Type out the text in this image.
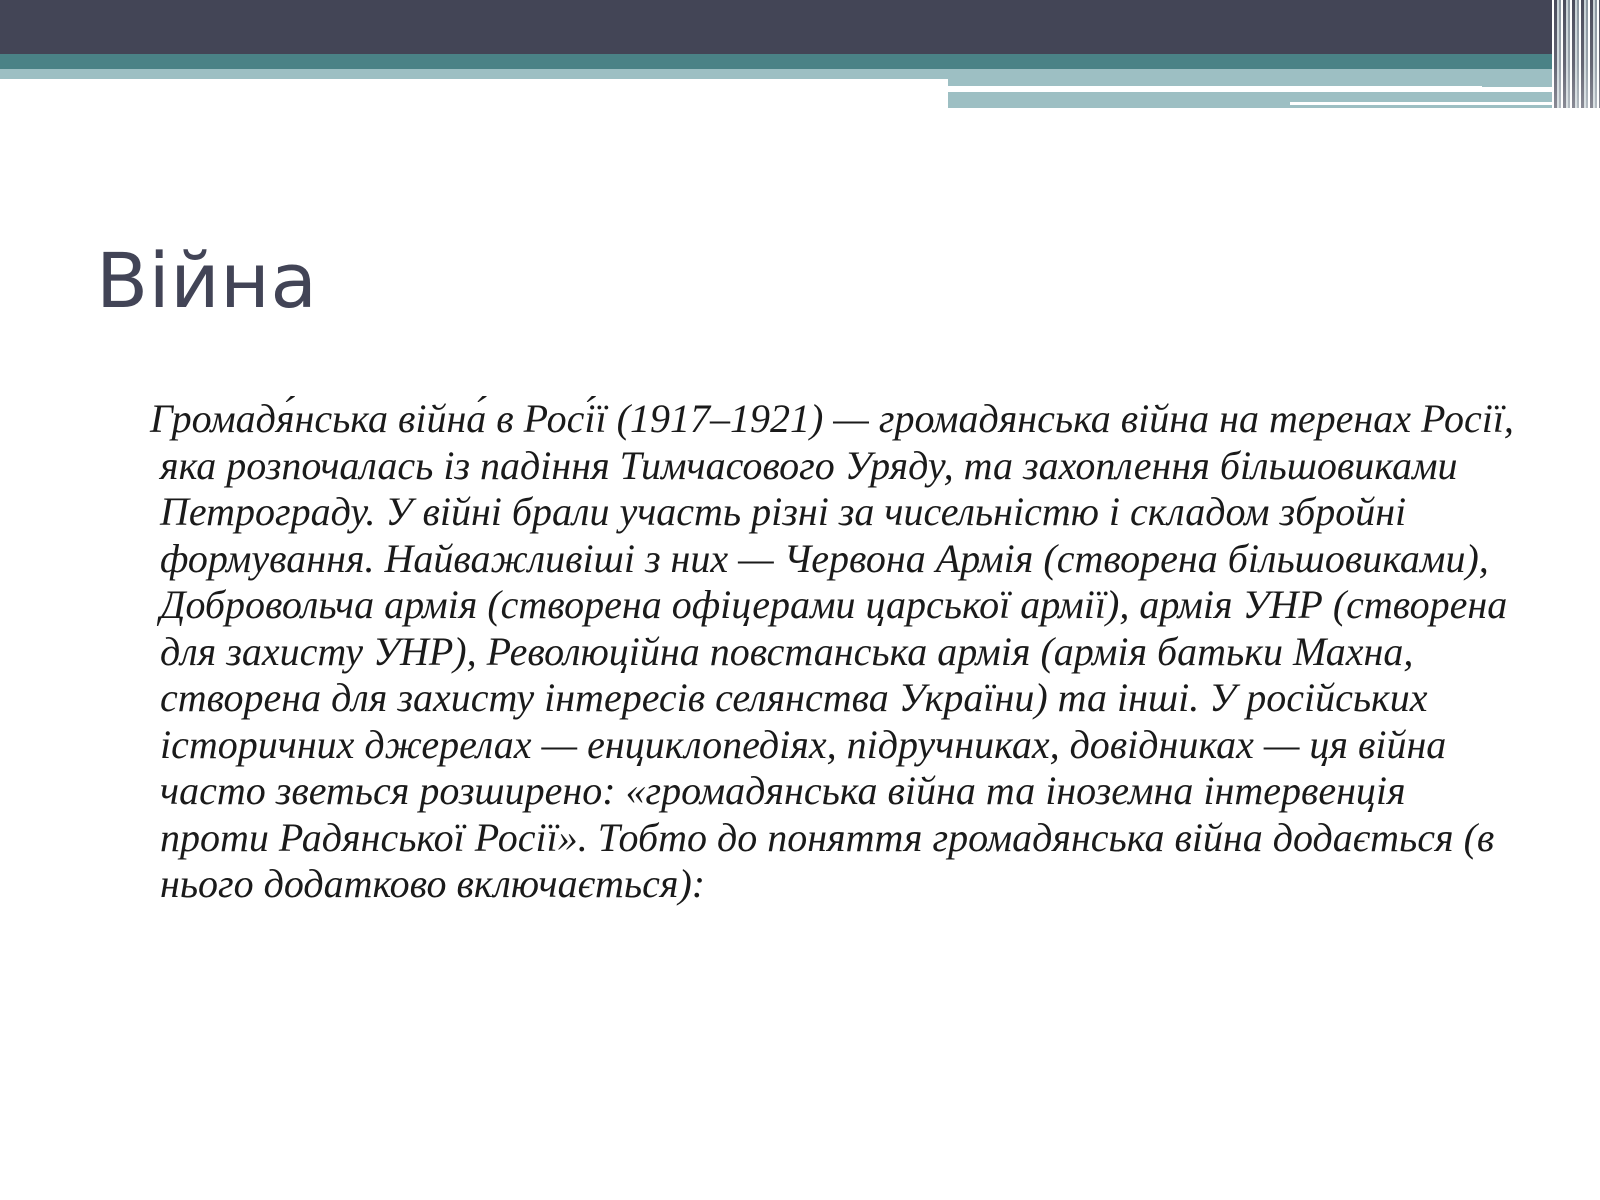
Війна

Громадя́нська війна́ в Росі́ї (1917–1921) — громадянська війна на теренах Росії, яка розпочалась із падіння Тимчасового Уряду, та захоплення більшовиками Петрограду. У війні брали участь різні за чисельністю і складом збройні формування. Найважливіші з них — Червона Армія (створена більшовиками), Добровольча армія (створена офіцерами царської армії), армія УНР (створена для захисту УНР), Революційна повстанська армія (армія батьки Махна, створена для захисту інтересів селянства України) та інші. У російських історичних джерелах — енциклопедіях, підручниках, довідниках — ця війна часто зветься розширено: «громадянська війна та іноземна інтервенція проти Радянської Росії». Тобто до поняття громадянська війна додається (в нього додатково включається):
